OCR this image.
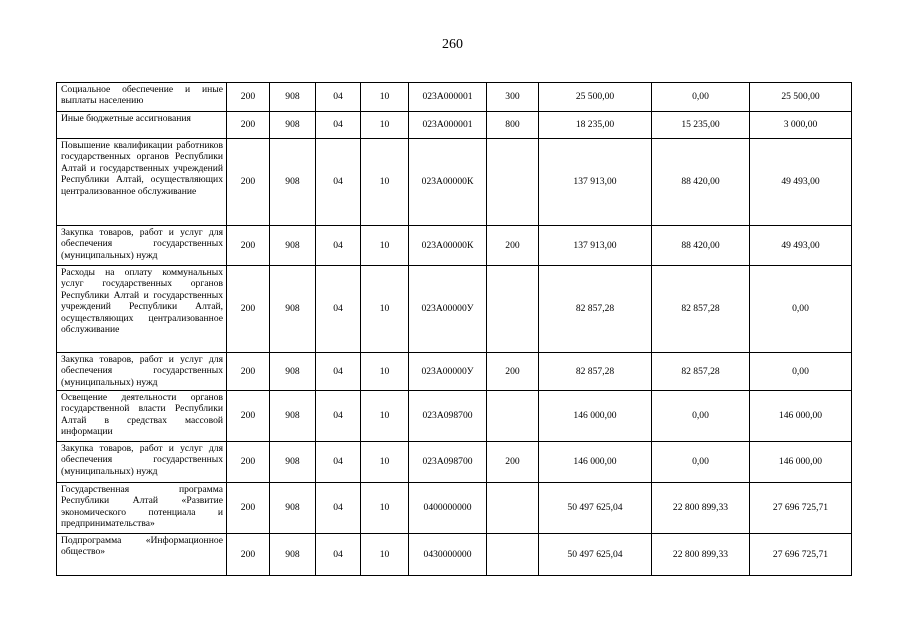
260
Социальное обеспечение и иные выплаты населению	200	908	04	10	023А000001	300	25 500,00	0,00	25 500,00
Иные бюджетные ассигнования	200	908	04	10	023А000001	800	18 235,00	15 235,00	3 000,00
Повышение квалификации работников государственных органов Республики Алтай и государственных учреждений Республики Алтай, осуществляющих централизованное обслуживание	200	908	04	10	023А00000К		137 913,00	88 420,00	49 493,00
Закупка товаров, работ и услуг для обеспечения государственных (муниципальных) нужд	200	908	04	10	023А00000К	200	137 913,00	88 420,00	49 493,00
Расходы на оплату коммунальных услуг государственных органов Республики Алтай и государственных учреждений Республики Алтай, осуществляющих централизованное обслуживание	200	908	04	10	023А00000У		82 857,28	82 857,28	0,00
Закупка товаров, работ и услуг для обеспечения государственных (муниципальных) нужд	200	908	04	10	023А00000У	200	82 857,28	82 857,28	0,00
Освещение деятельности органов государственной власти Республики Алтай в средствах массовой информации	200	908	04	10	023А098700		146 000,00	0,00	146 000,00
Закупка товаров, работ и услуг для обеспечения государственных (муниципальных) нужд	200	908	04	10	023А098700	200	146 000,00	0,00	146 000,00
Государственная программа Республики Алтай «Развитие экономического потенциала и предпринимательства»	200	908	04	10	0400000000		50 497 625,04	22 800 899,33	27 696 725,71
Подпрограмма «Информационное общество»	200	908	04	10	0430000000		50 497 625,04	22 800 899,33	27 696 725,71
